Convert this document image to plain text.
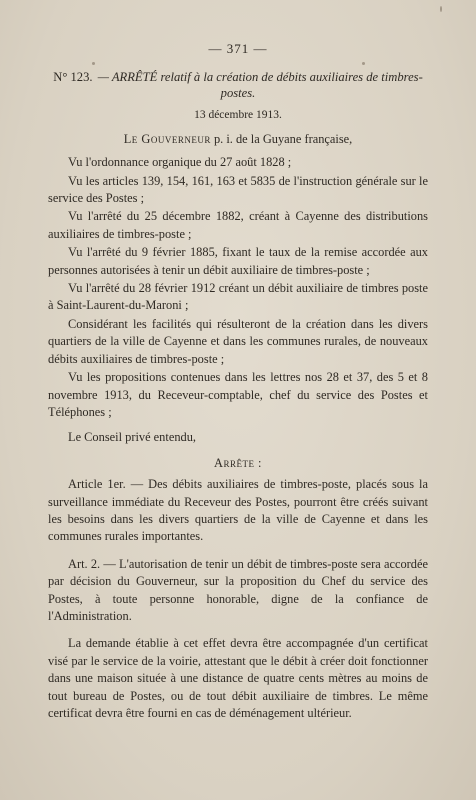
— 371 —
N° 123. — ARRÊTÉ relatif à la création de débits auxiliaires de timbres-postes.
13 décembre 1913.
Le Gouverneur p. i. de la Guyane française,

Vu l'ordonnance organique du 27 août 1828 ;

Vu les articles 139, 154, 161, 163 et 5835 de l'instruction générale sur le service des Postes ;

Vu l'arrêté du 25 décembre 1882, créant à Cayenne des distributions auxiliaires de timbres-poste ;

Vu l'arrêté du 9 février 1885, fixant le taux de la remise accordée aux personnes autorisées à tenir un débit auxiliaire de timbres-poste ;

Vu l'arrêté du 28 février 1912 créant un débit auxiliaire de timbres poste à Saint-Laurent-du-Maroni ;

Considérant les facilités qui résulteront de la création dans les divers quartiers de la ville de Cayenne et dans les communes rurales, de nouveaux débits auxiliaires de timbres-poste ;

Vu les propositions contenues dans les lettres nos 28 et 37, des 5 et 8 novembre 1913, du Receveur-comptable, chef du service des Postes et Téléphones ;

Le Conseil privé entendu,

Arrête :

Article 1er. — Des débits auxiliaires de timbres-poste, placés sous la surveillance immédiate du Receveur des Postes, pourront être créés suivant les besoins dans les divers quartiers de la ville de Cayenne et dans les communes rurales importantes.

Art. 2. — L'autorisation de tenir un débit de timbres-poste sera accordée par décision du Gouverneur, sur la proposition du Chef du service des Postes, à toute personne honorable, digne de la confiance de l'Administration.

La demande établie à cet effet devra être accompagnée d'un certificat visé par le service de la voirie, attestant que le débit à créer doit fonctionner dans une maison située à une distance de quatre cents mètres au moins de tout bureau de Postes, ou de tout débit auxiliaire de timbres. Le même certificat devra être fourni en cas de déménagement ultérieur.
